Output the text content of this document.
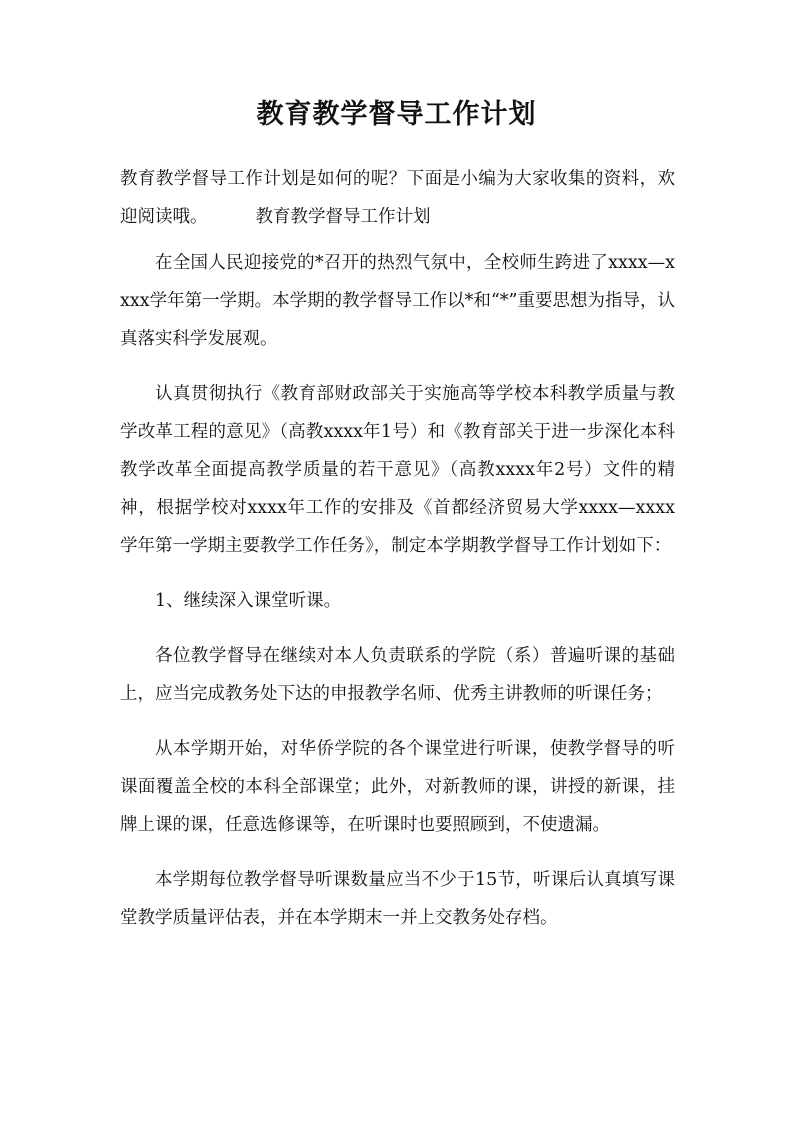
教育教学督导工作计划

教育教学督导工作计划是如何的呢？下面是小编为大家收集的资料，欢迎阅读哦。	教育教学督导工作计划

在全国人民迎接党的*召开的热烈气氛中，全校师生跨进了xxxx—xxxx学年第一学期。本学期的教学督导工作以*和“*”重要思想为指导，认真落实科学发展观。

认真贯彻执行《教育部财政部关于实施高等学校本科教学质量与教学改革工程的意见》（高教xxxx年1号）和《教育部关于进一步深化本科教学改革全面提高教学质量的若干意见》（高教xxxx年2号）文件的精神，根据学校对xxxx年工作的安排及《首都经济贸易大学xxxx—xxxx学年第一学期主要教学工作任务》，制定本学期教学督导工作计划如下：

1、继续深入课堂听课。

各位教学督导在继续对本人负责联系的学院（系）普遍听课的基础上，应当完成教务处下达的申报教学名师、优秀主讲教师的听课任务；

从本学期开始，对华侨学院的各个课堂进行听课，使教学督导的听课面覆盖全校的本科全部课堂；此外，对新教师的课，讲授的新课，挂牌上课的课，任意选修课等，在听课时也要照顾到，不使遗漏。

本学期每位教学督导听课数量应当不少于15节，听课后认真填写课堂教学质量评估表，并在本学期末一并上交教务处存档。
